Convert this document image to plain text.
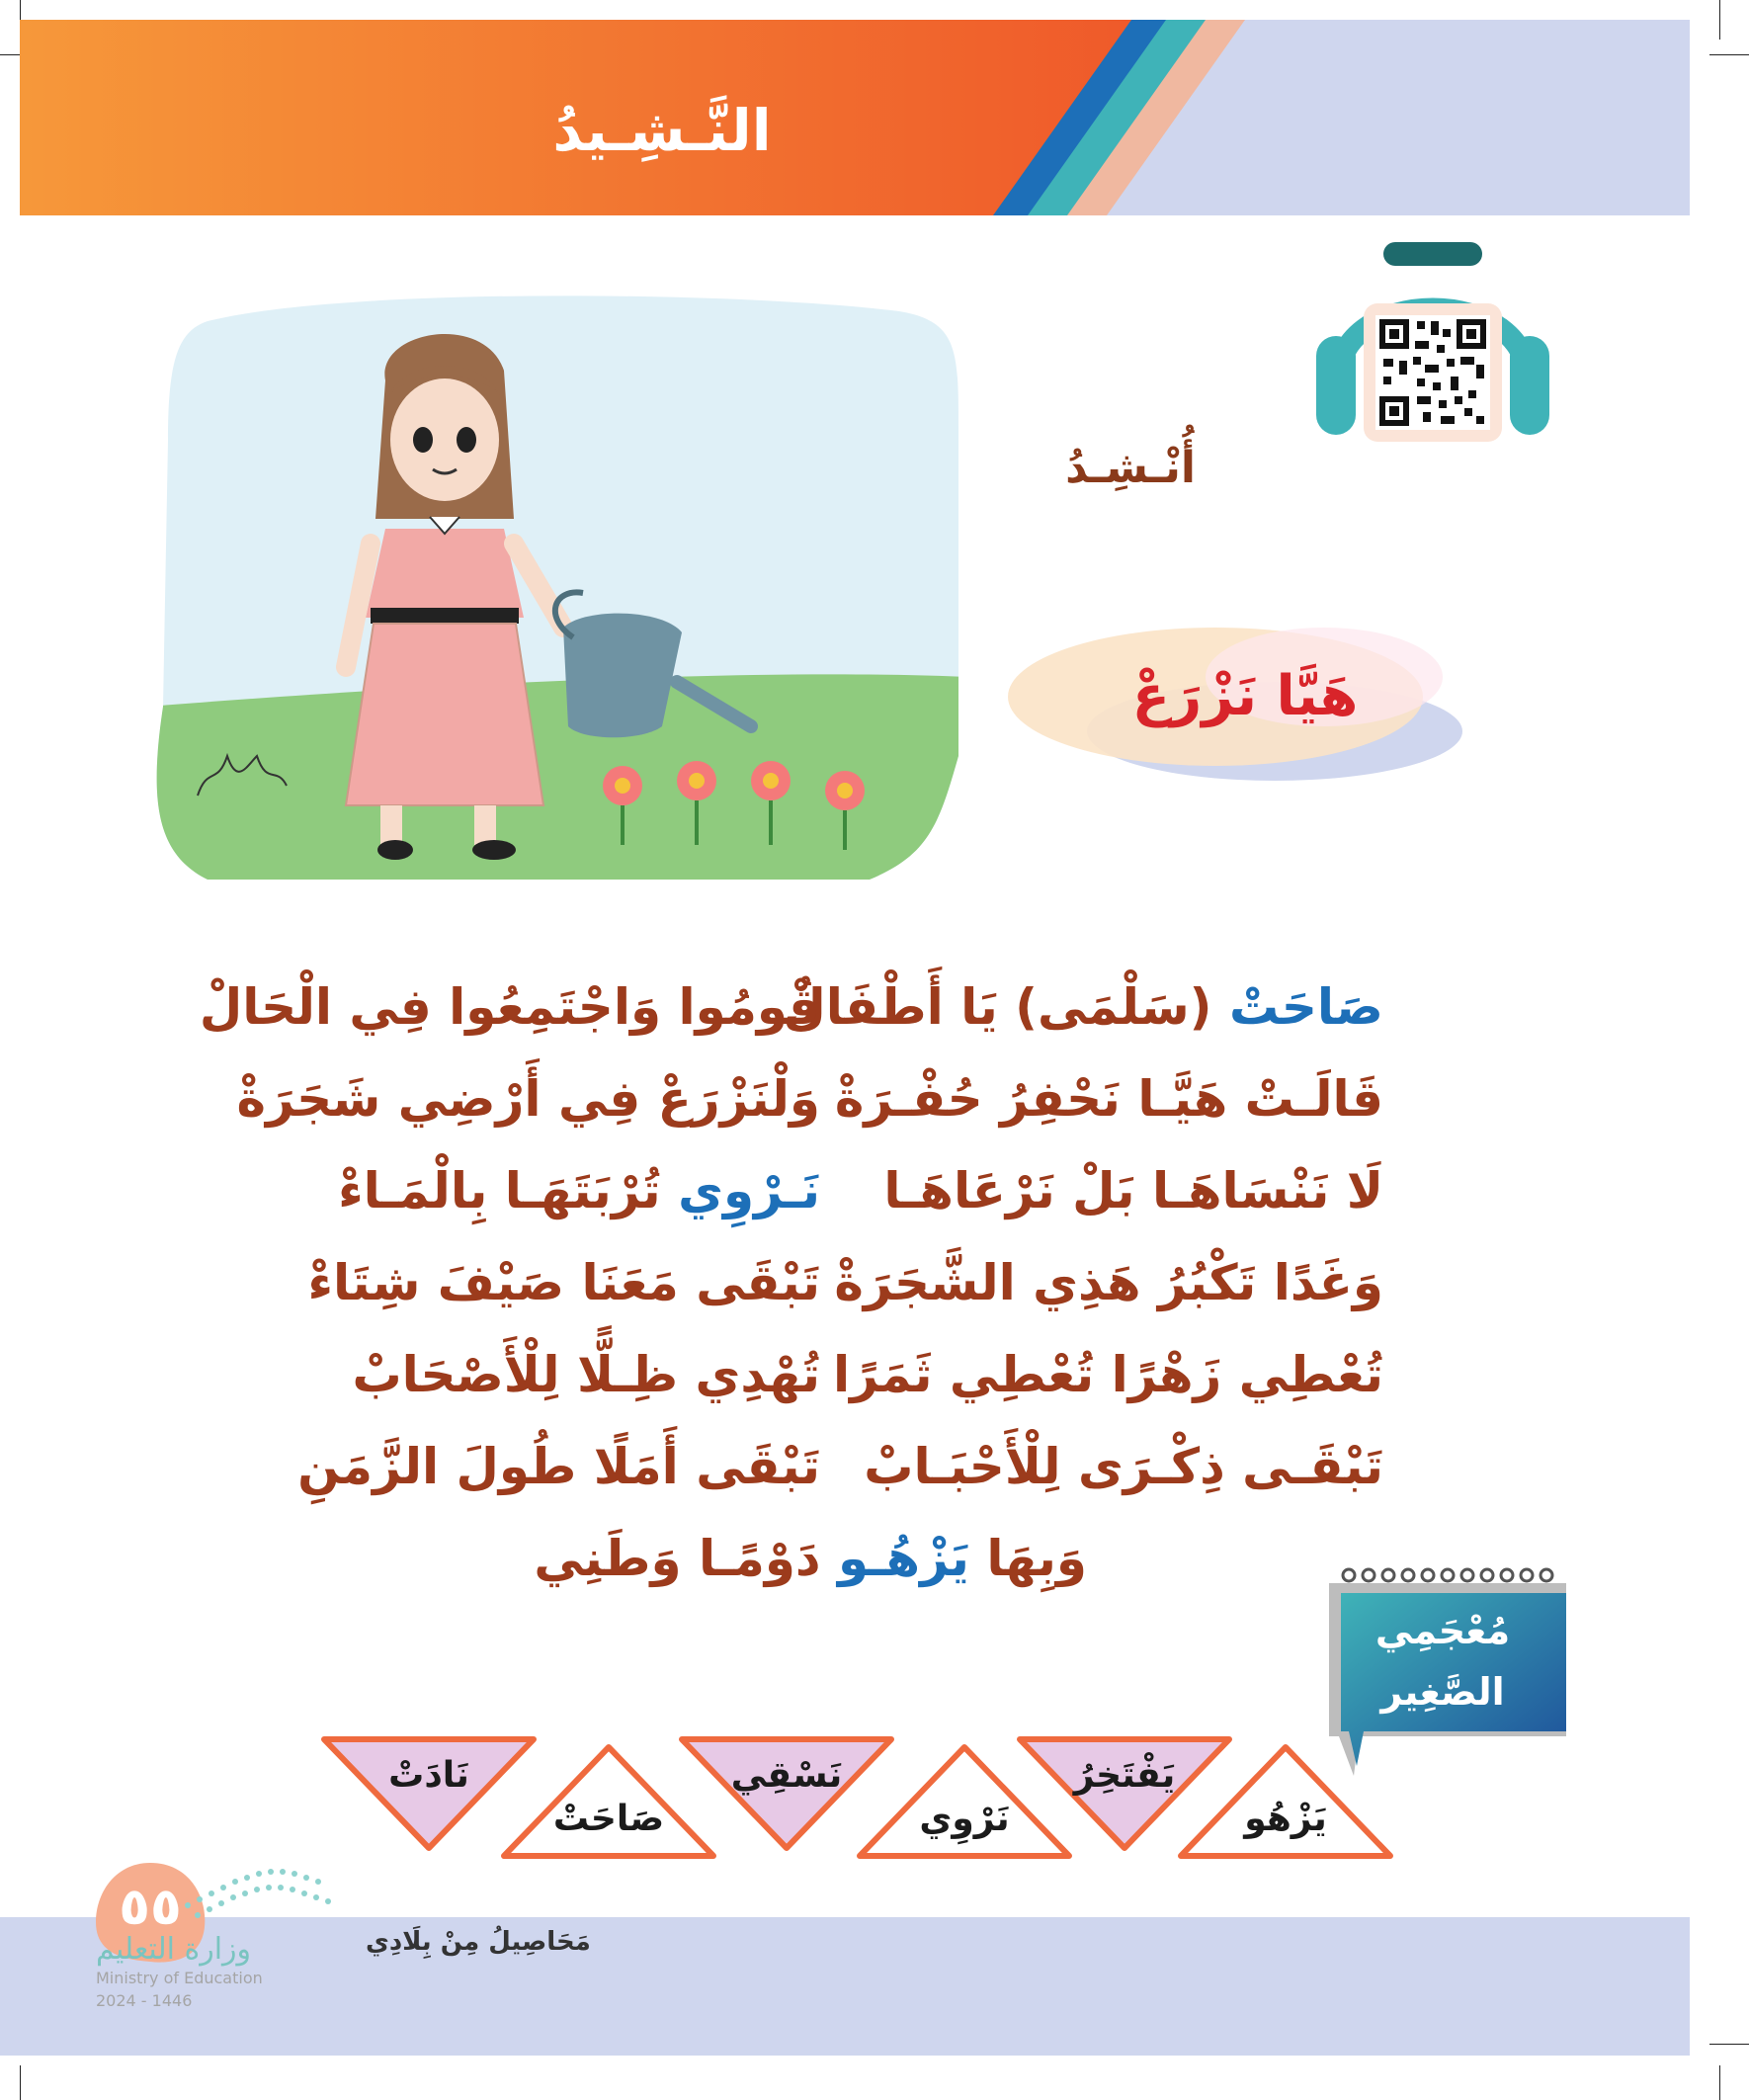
النَّـشِـيدُ
أُنْـشِـدُ
هَيَّا نَزْرَعْ
صَاحَتْ (سَلْمَى) يَا أَطْفَالْ
قُومُوا وَاجْتَمِعُوا فِي الْحَالْ
قَالَـتْ هَيَّـا نَحْفِرُ حُفْـرَةْ
وَلْنَزْرَعْ فِي أَرْضِي شَجَرَةْ
لَا نَنْسَاهَـا بَلْ نَرْعَاهَـا
نَـرْوِي تُرْبَتَهَـا بِالْمَـاءْ
وَغَدًا تَكْبُرُ هَذِي الشَّجَرَةْ
تَبْقَى مَعَنَا صَيْفَ شِتَاءْ
تُعْطِي زَهْرًا تُعْطِي ثَمَرًا
تُهْدِي ظِـلًّا لِلْأَصْحَابْ
تَبْقَـى ذِكْـرَى لِلْأَحْبَـابْ
تَبْقَى أَمَلًا طُولَ الزَّمَنِ
وَبِهَا يَزْهُـو دَوْمًـا وَطَنِي
مُعْجَمِي
الصَّغِير
يَزْهُو
يَفْتَخِرُ
نَرْوِي
نَسْقِي
صَاحَتْ
نَادَتْ
مَحَاصِيلُ مِنْ بِلَادِي
٥٥
وزارة التعليم
Ministry of Education
2024 - 1446
